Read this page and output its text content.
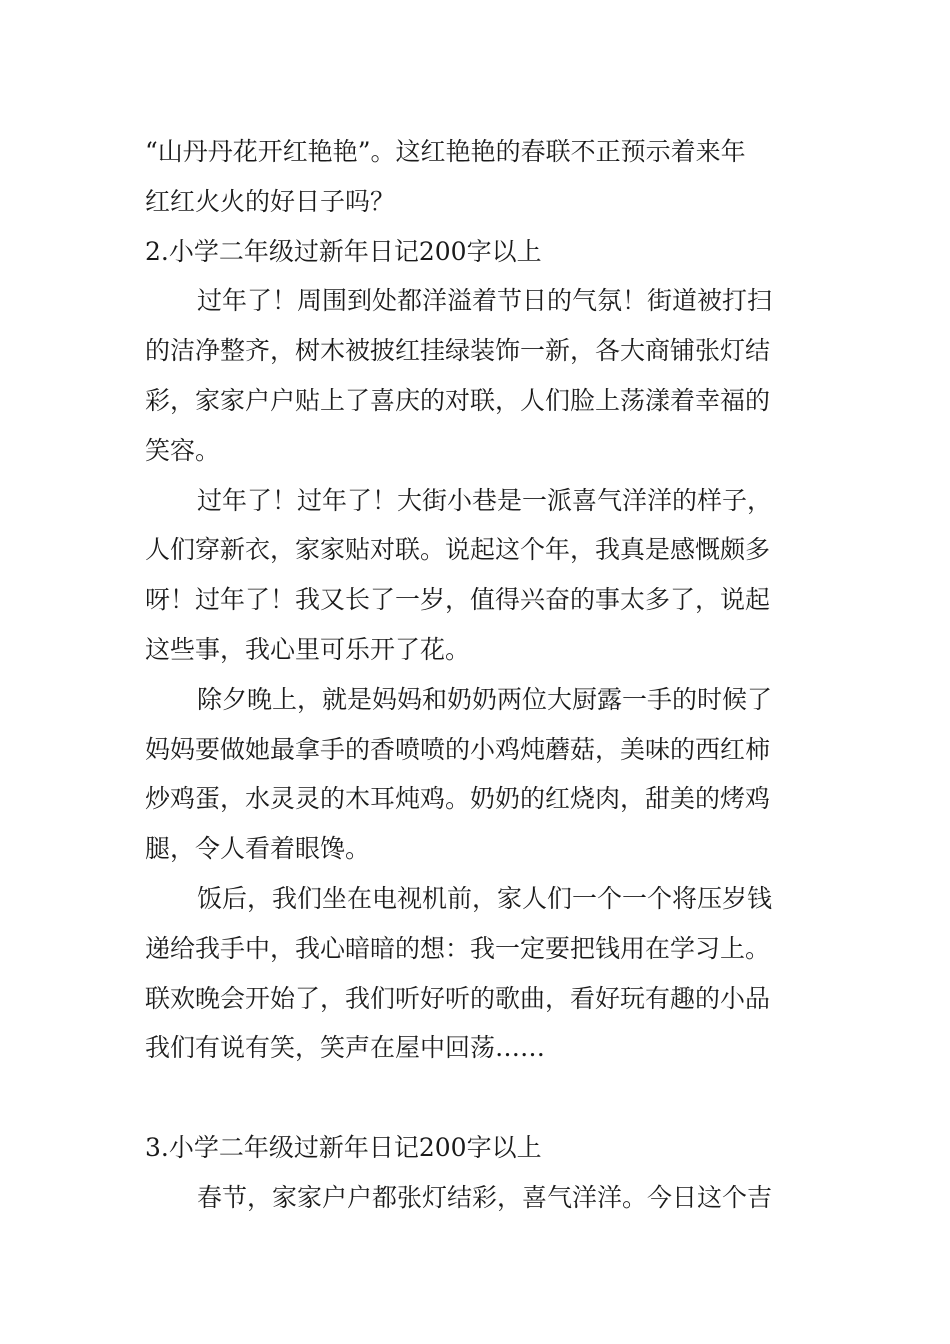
“山丹丹花开红艳艳”。这红艳艳的春联不正预示着来年
红红火火的好日子吗？
2.小学二年级过新年日记200字以上
过年了！周围到处都洋溢着节日的气氛！街道被打扫
的洁净整齐，树木被披红挂绿装饰一新，各大商铺张灯结
彩，家家户户贴上了喜庆的对联，人们脸上荡漾着幸福的
笑容。
过年了！过年了！大街小巷是一派喜气洋洋的样子，
人们穿新衣，家家贴对联。说起这个年，我真是感慨颇多
呀！过年了！我又长了一岁，值得兴奋的事太多了，说起
这些事，我心里可乐开了花。
除夕晚上，就是妈妈和奶奶两位大厨露一手的时候了
妈妈要做她最拿手的香喷喷的小鸡炖蘑菇，美味的西红柿
炒鸡蛋，水灵灵的木耳炖鸡。奶奶的红烧肉，甜美的烤鸡
腿，令人看着眼馋。
饭后，我们坐在电视机前，家人们一个一个将压岁钱
递给我手中，我心暗暗的想：我一定要把钱用在学习上。
联欢晚会开始了，我们听好听的歌曲，看好玩有趣的小品
我们有说有笑，笑声在屋中回荡……
3.小学二年级过新年日记200字以上
春节，家家户户都张灯结彩，喜气洋洋。今日这个吉
